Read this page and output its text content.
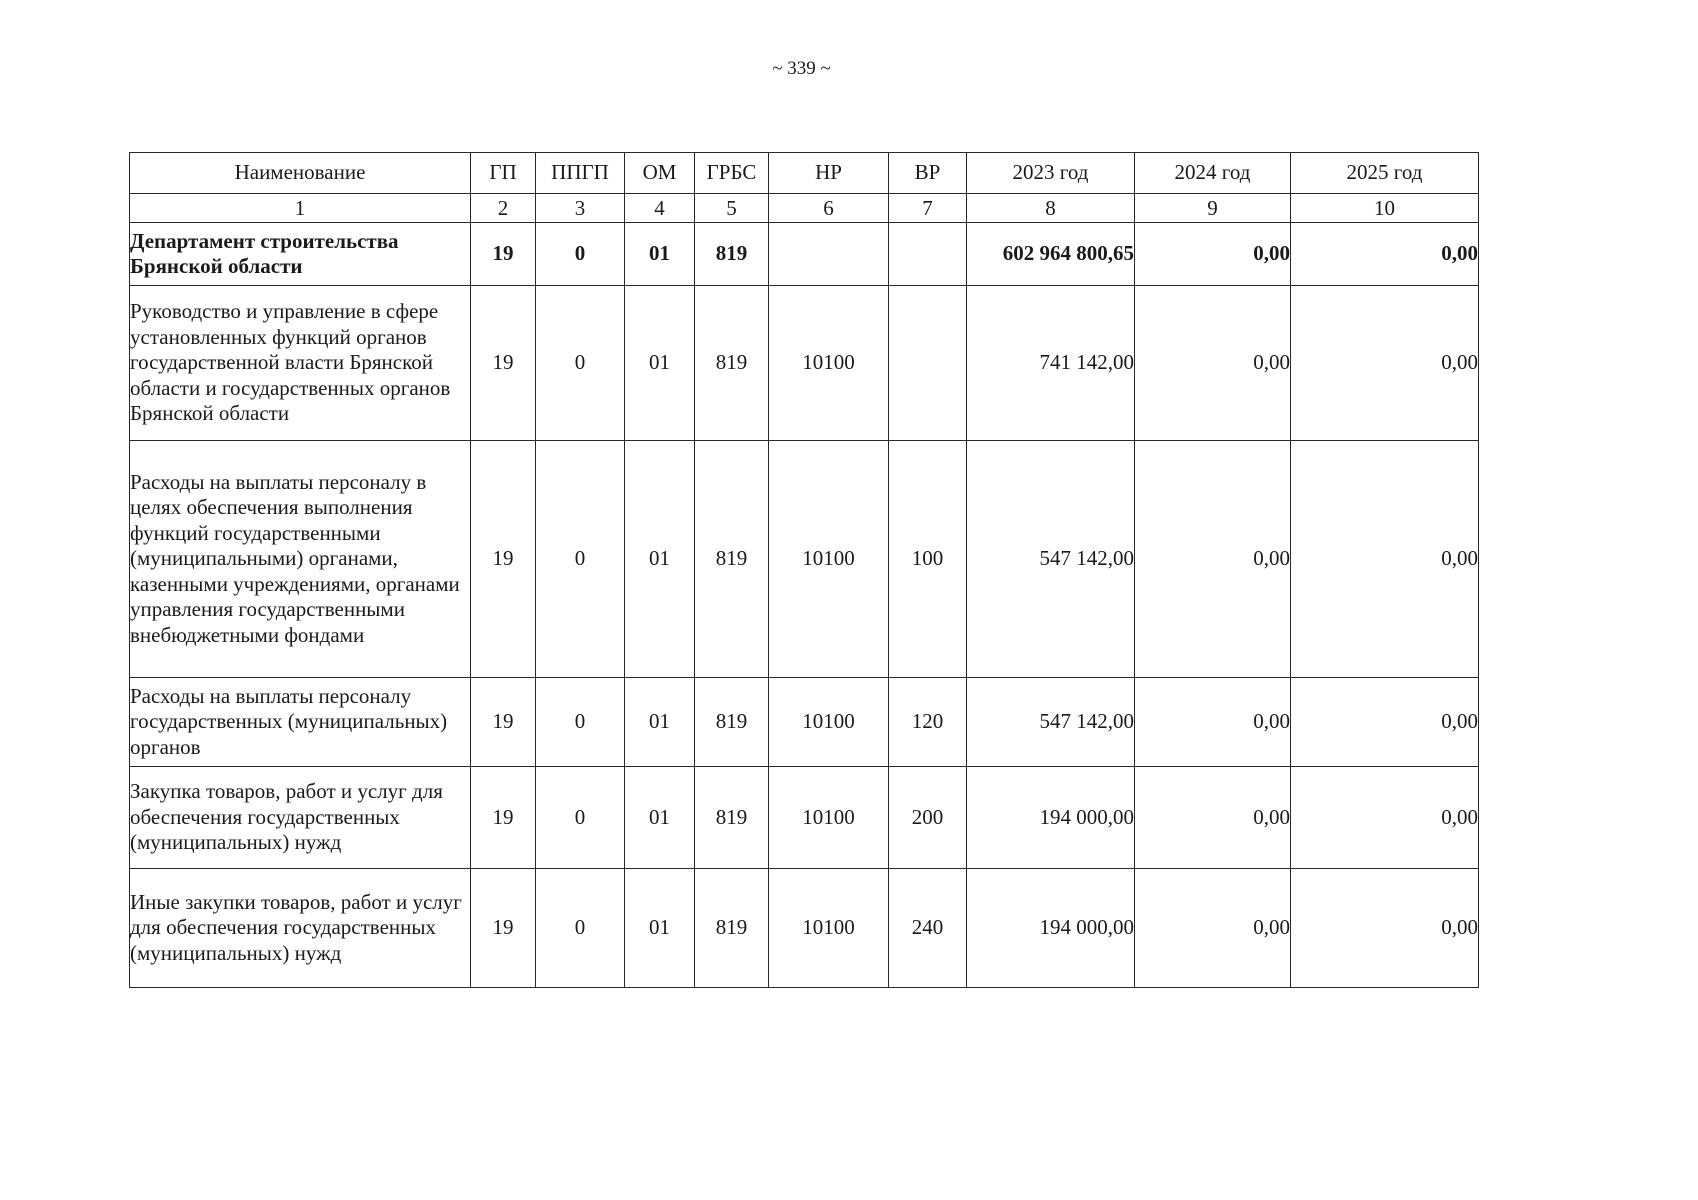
~ 339 ~
Наименование	ГП	ППГП	ОМ	ГРБС	НР	ВР	2023 год	2024 год	2025 год
1	2	3	4	5	6	7	8	9	10
Департамент строительства Брянской области	19	0	01	819			602 964 800,65	0,00	0,00
Руководство и управление в сфере установленных функций органов государственной власти Брянской области и государственных органов Брянской области	19	0	01	819	10100		741 142,00	0,00	0,00
Расходы на выплаты персоналу в целях обеспечения выполнения функций государственными (муниципальными) органами, казенными учреждениями, органами управления государственными внебюджетными фондами	19	0	01	819	10100	100	547 142,00	0,00	0,00
Расходы на выплаты персоналу государственных (муниципальных) органов	19	0	01	819	10100	120	547 142,00	0,00	0,00
Закупка товаров, работ и услуг для обеспечения государственных (муниципальных) нужд	19	0	01	819	10100	200	194 000,00	0,00	0,00
Иные закупки товаров, работ и услуг для обеспечения государственных (муниципальных) нужд	19	0	01	819	10100	240	194 000,00	0,00	0,00
